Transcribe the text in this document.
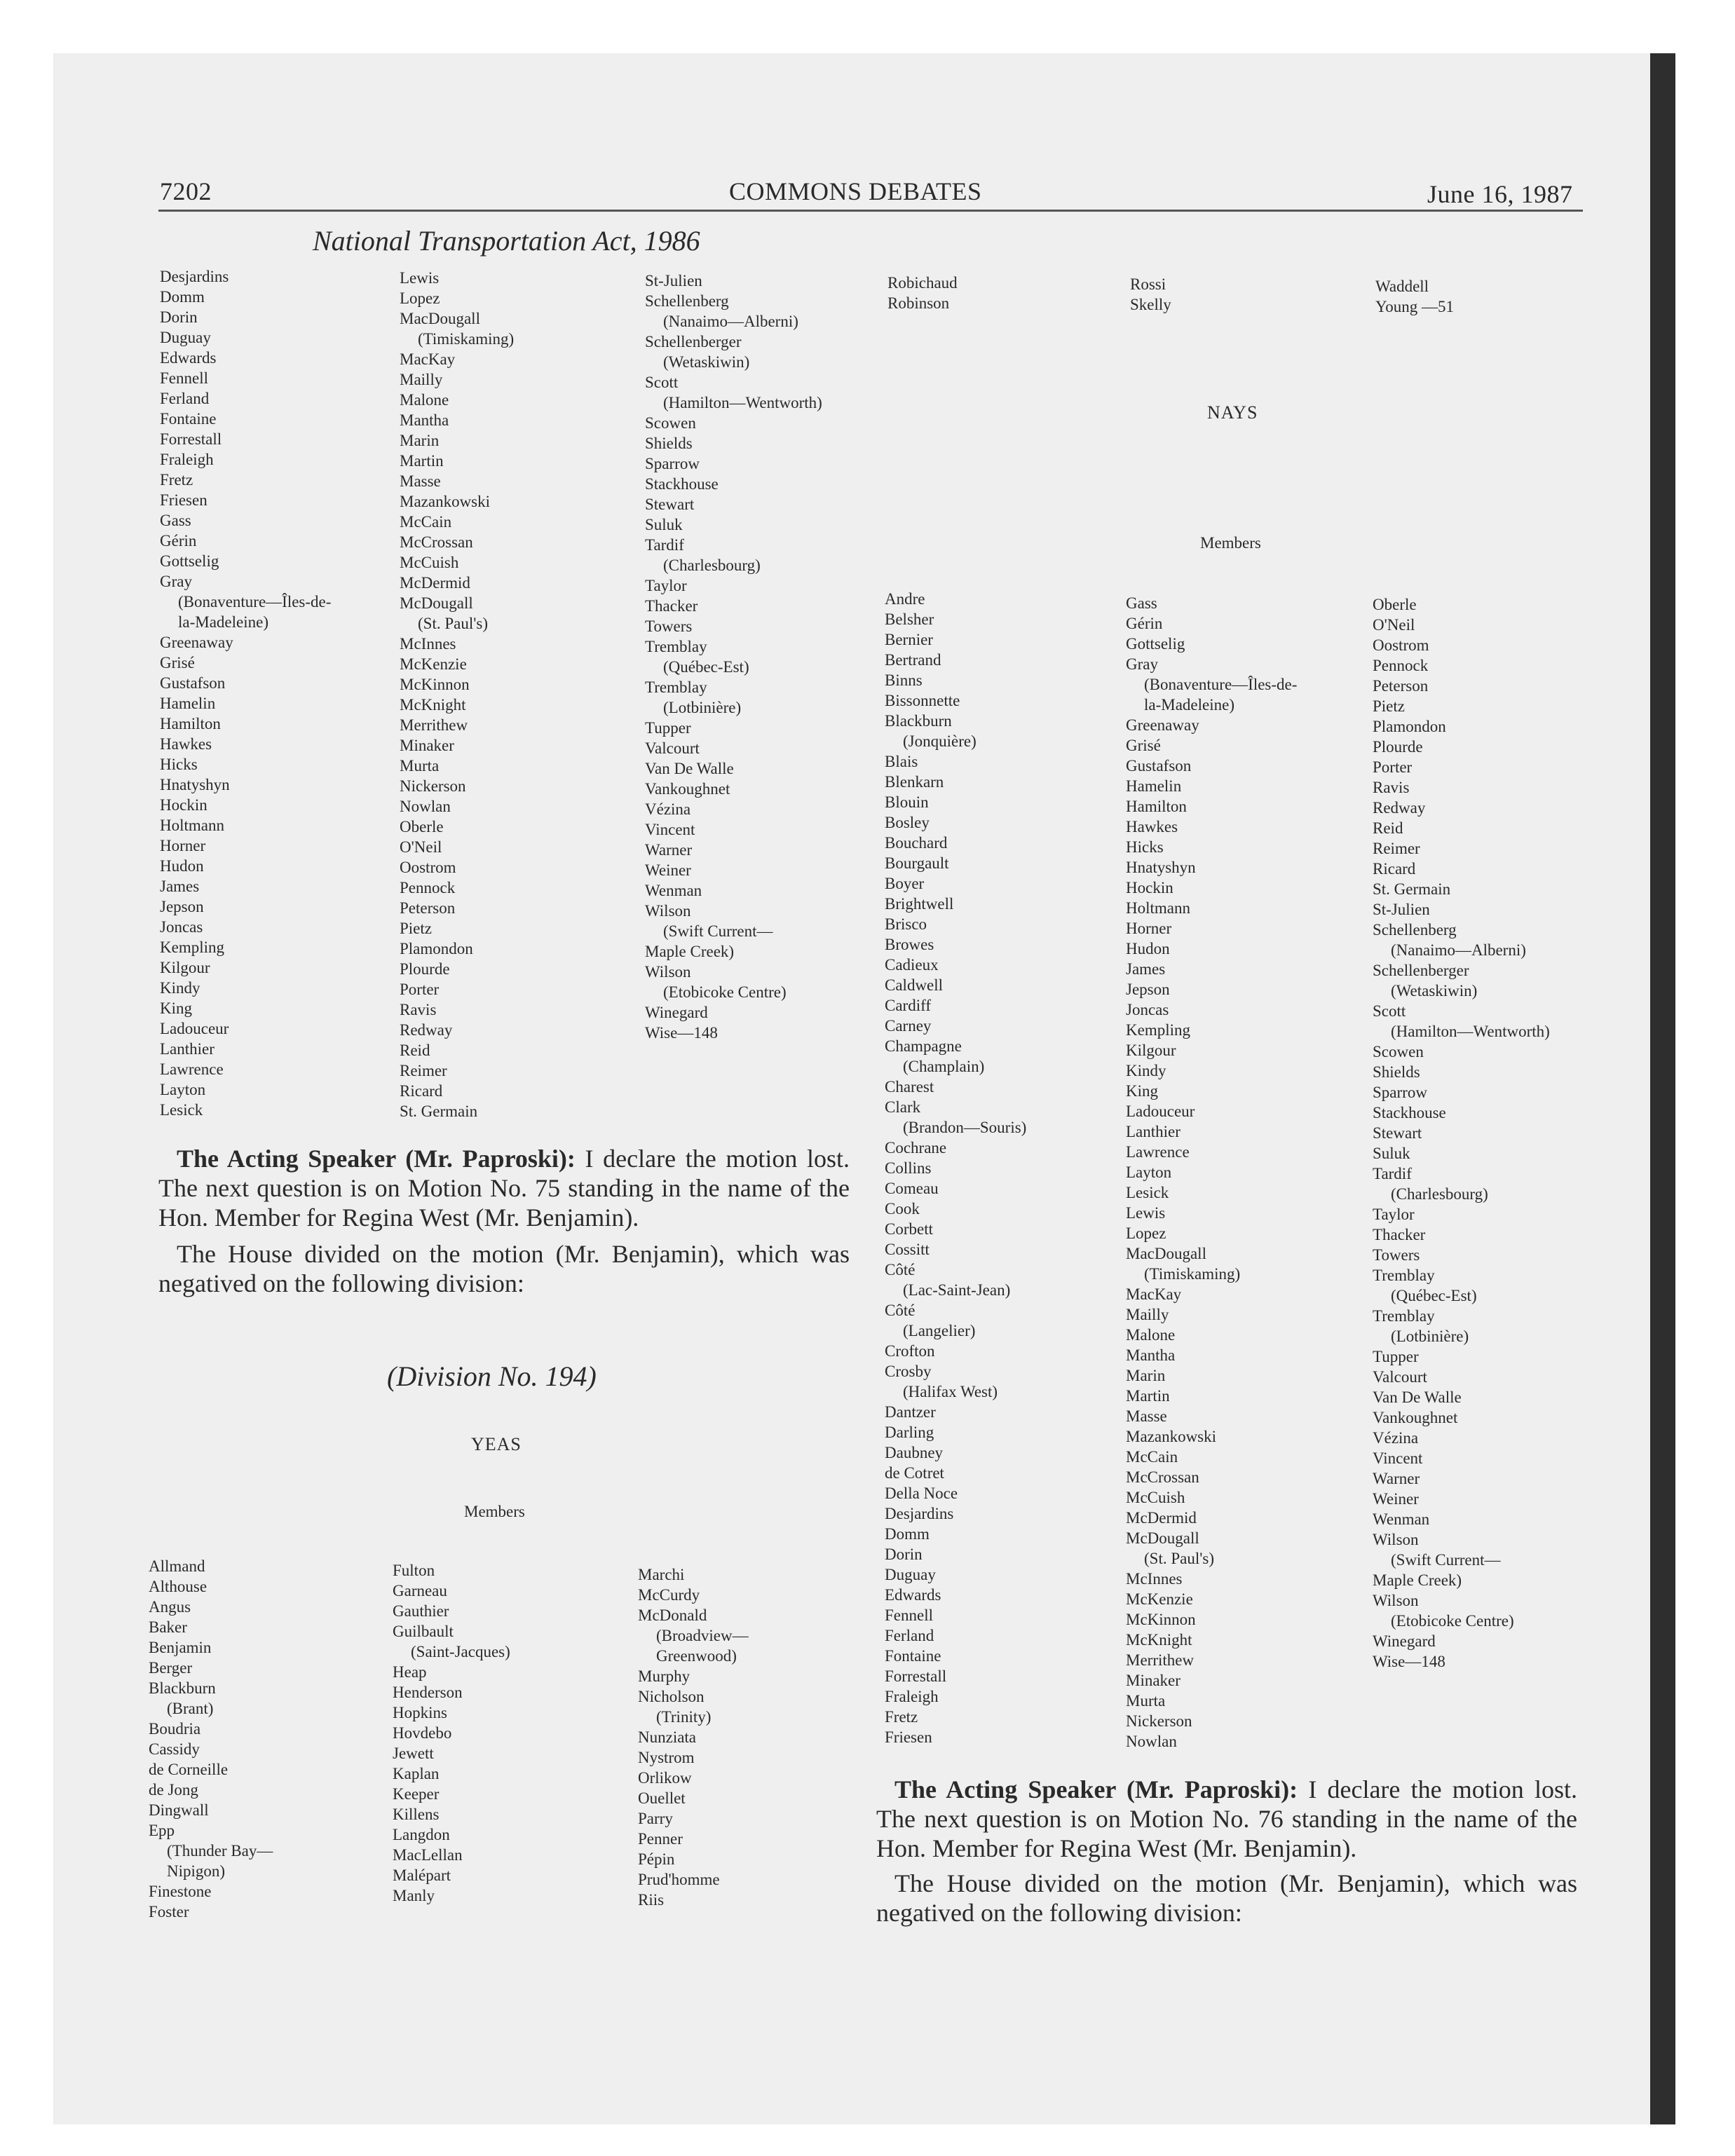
7202	COMMONS DEBATES	June 16, 1987
National Transportation Act, 1986
Desjardins
Domm
Dorin
Duguay
Edwards
Fennell
Ferland
Fontaine
Forrestall
Fraleigh
Fretz
Friesen
Gass
Gérin
Gottselig
Gray
(Bonaventure—Îles-de-
la-Madeleine)
Greenaway
Grisé
Gustafson
Hamelin
Hamilton
Hawkes
Hicks
Hnatyshyn
Hockin
Holtmann
Horner
Hudon
James
Jepson
Joncas
Kempling
Kilgour
Kindy
King
Ladouceur
Lanthier
Lawrence
Layton
Lesick
Lewis
Lopez
MacDougall
(Timiskaming)
MacKay
Mailly
Malone
Mantha
Marin
Martin
Masse
Mazankowski
McCain
McCrossan
McCuish
McDermid
McDougall
(St. Paul's)
McInnes
McKenzie
McKinnon
McKnight
Merrithew
Minaker
Murta
Nickerson
Nowlan
Oberle
O'Neil
Oostrom
Pennock
Peterson
Pietz
Plamondon
Plourde
Porter
Ravis
Redway
Reid
Reimer
Ricard
St. Germain
St-Julien
Schellenberg
(Nanaimo—Alberni)
Schellenberger
(Wetaskiwin)
Scott
(Hamilton—Wentworth)
Scowen
Shields
Sparrow
Stackhouse
Stewart
Suluk
Tardif
(Charlesbourg)
Taylor
Thacker
Towers
Tremblay
(Québec-Est)
Tremblay
(Lotbinière)
Tupper
Valcourt
Van De Walle
Vankoughnet
Vézina
Vincent
Warner
Weiner
Wenman
Wilson
(Swift Current—
Maple Creek)
Wilson
(Etobicoke Centre)
Winegard
Wise—148
Robichaud
Robinson
Rossi
Skelly
Waddell
Young —51

The Acting Speaker (Mr. Paproski): I declare the motion lost. The next question is on Motion No. 75 standing in the name of the Hon. Member for Regina West (Mr. Benjamin).

The House divided on the motion (Mr. Benjamin), which was negatived on the following division:

(Division No. 194)
YEAS
Members
Allmand
Althouse
Angus
Baker
Benjamin
Berger
Blackburn
(Brant)
Boudria
Cassidy
de Corneille
de Jong
Dingwall
Epp
(Thunder Bay—
Nipigon)
Finestone
Foster
Fulton
Garneau
Gauthier
Guilbault
(Saint-Jacques)
Heap
Henderson
Hopkins
Hovdebo
Jewett
Kaplan
Keeper
Killens
Langdon
MacLellan
Malépart
Manly
Marchi
McCurdy
McDonald
(Broadview—
Greenwood)
Murphy
Nicholson
(Trinity)
Nunziata
Nystrom
Orlikow
Ouellet
Parry
Penner
Pépin
Prud'homme
Riis
NAYS
Members
Andre
Belsher
Bernier
Bertrand
Binns
Bissonnette
Blackburn
(Jonquière)
Blais
Blenkarn
Blouin
Bosley
Bouchard
Bourgault
Boyer
Brightwell
Brisco
Browes
Cadieux
Caldwell
Cardiff
Carney
Champagne
(Champlain)
Charest
Clark
(Brandon—Souris)
Cochrane
Collins
Comeau
Cook
Corbett
Cossitt
Côté
(Lac-Saint-Jean)
Côté
(Langelier)
Crofton
Crosby
(Halifax West)
Dantzer
Darling
Daubney
de Cotret
Della Noce
Desjardins
Domm
Dorin
Duguay
Edwards
Fennell
Ferland
Fontaine
Forrestall
Fraleigh
Fretz
Friesen
Gass
Gérin
Gottselig
Gray
(Bonaventure—Îles-de-
la-Madeleine)
Greenaway
Grisé
Gustafson
Hamelin
Hamilton
Hawkes
Hicks
Hnatyshyn
Hockin
Holtmann
Horner
Hudon
James
Jepson
Joncas
Kempling
Kilgour
Kindy
King
Ladouceur
Lanthier
Lawrence
Layton
Lesick
Lewis
Lopez
MacDougall
(Timiskaming)
MacKay
Mailly
Malone
Mantha
Marin
Martin
Masse
Mazankowski
McCain
McCrossan
McCuish
McDermid
McDougall
(St. Paul's)
McInnes
McKenzie
McKinnon
McKnight
Merrithew
Minaker
Murta
Nickerson
Nowlan
Oberle
O'Neil
Oostrom
Pennock
Peterson
Pietz
Plamondon
Plourde
Porter
Ravis
Redway
Reid
Reimer
Ricard
St. Germain
St-Julien
Schellenberg
(Nanaimo—Alberni)
Schellenberger
(Wetaskiwin)
Scott
(Hamilton—Wentworth)
Scowen
Shields
Sparrow
Stackhouse
Stewart
Suluk
Tardif
(Charlesbourg)
Taylor
Thacker
Towers
Tremblay
(Québec-Est)
Tremblay
(Lotbinière)
Tupper
Valcourt
Van De Walle
Vankoughnet
Vézina
Vincent
Warner
Weiner
Wenman
Wilson
(Swift Current—
Maple Creek)
Wilson
(Etobicoke Centre)
Winegard
Wise—148

The Acting Speaker (Mr. Paproski): I declare the motion lost. The next question is on Motion No. 76 standing in the name of the Hon. Member for Regina West (Mr. Benjamin).

The House divided on the motion (Mr. Benjamin), which was negatived on the following division:
